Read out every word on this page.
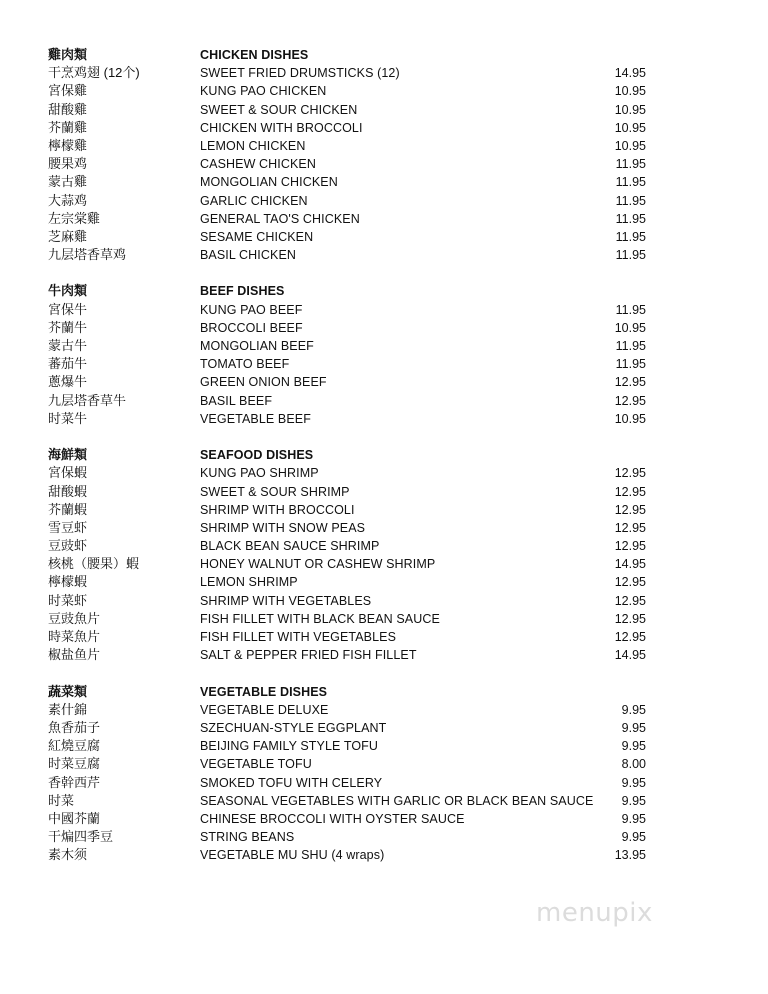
雞肉類	CHICKEN DISHES
干烹鸡翅 (12个)	SWEET FRIED DRUMSTICKS (12)	14.95
宮保雞	KUNG PAO CHICKEN	10.95
甜酸雞	SWEET & SOUR CHICKEN	10.95
芥蘭雞	CHICKEN WITH BROCCOLI	10.95
檸檬雞	LEMON CHICKEN	10.95
腰果鸡	CASHEW CHICKEN	11.95
蒙古雞	MONGOLIAN CHICKEN	11.95
大蒜鸡	GARLIC CHICKEN	11.95
左宗棠雞	GENERAL TAO'S CHICKEN	11.95
芝麻雞	SESAME CHICKEN	11.95
九层塔香草鸡	BASIL CHICKEN	11.95
牛肉類	BEEF DISHES
宮保牛	KUNG PAO BEEF	11.95
芥蘭牛	BROCCOLI BEEF	10.95
蒙古牛	MONGOLIAN BEEF	11.95
蕃茄牛	TOMATO BEEF	11.95
蔥爆牛	GREEN ONION BEEF	12.95
九层塔香草牛	BASIL BEEF	12.95
时菜牛	VEGETABLE BEEF	10.95
海鮮類	SEAFOOD DISHES
宮保蝦	KUNG PAO SHRIMP	12.95
甜酸蝦	SWEET & SOUR SHRIMP	12.95
芥蘭蝦	SHRIMP WITH BROCCOLI	12.95
雪豆虾	SHRIMP WITH SNOW PEAS	12.95
豆豉虾	BLACK BEAN SAUCE SHRIMP	12.95
核桃（腰果）蝦	HONEY WALNUT OR CASHEW SHRIMP	14.95
檸檬蝦	LEMON SHRIMP	12.95
时菜虾	SHRIMP WITH VEGETABLES	12.95
豆豉魚片	FISH FILLET WITH BLACK BEAN SAUCE	12.95
時菜魚片	FISH FILLET WITH VEGETABLES	12.95
椒盐鱼片	SALT & PEPPER FRIED FISH FILLET	14.95
蔬菜類	VEGETABLE DISHES
素什錦	VEGETABLE DELUXE	9.95
魚香茄子	SZECHUAN-STYLE EGGPLANT	9.95
紅燒豆腐	BEIJING FAMILY STYLE TOFU	9.95
时菜豆腐	VEGETABLE TOFU	8.00
香幹西芹	SMOKED TOFU WITH CELERY	9.95
时菜	SEASONAL VEGETABLES WITH GARLIC OR BLACK BEAN SAUCE 9.95
中國芥蘭	CHINESE BROCCOLI WITH OYSTER SAUCE	9.95
干煸四季豆	STRING BEANS	9.95
素木须	VEGETABLE MU SHU (4 wraps)	13.95
menupix
